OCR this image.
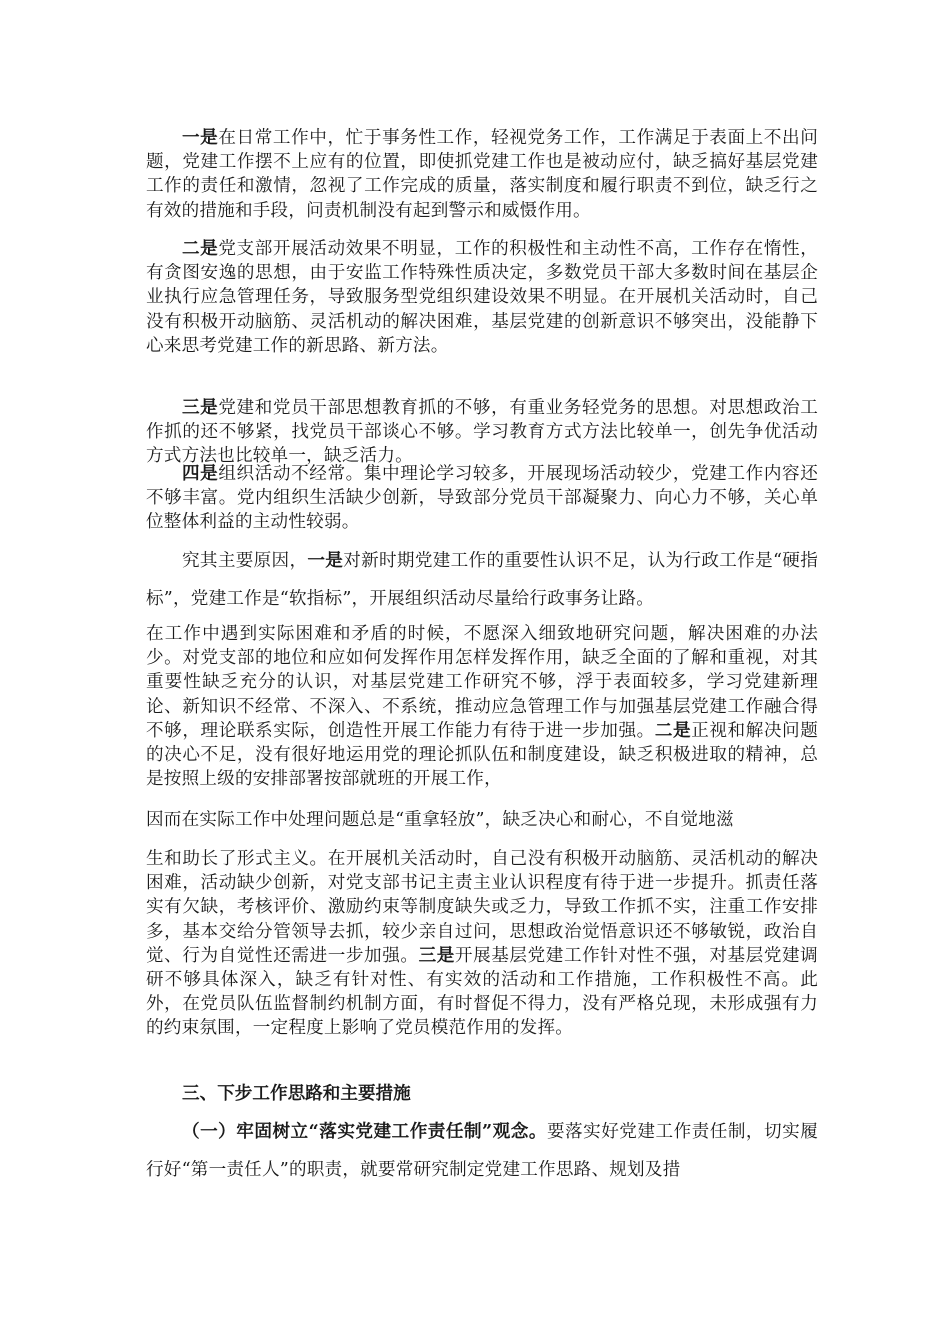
一是在日常工作中，忙于事务性工作，轻视党务工作，工作满足于表面上不出问题，党建工作摆不上应有的位置，即使抓党建工作也是被动应付，缺乏搞好基层党建工作的责任和激情，忽视了工作完成的质量，落实制度和履行职责不到位，缺乏行之有效的措施和手段，问责机制没有起到警示和威慑作用。

二是党支部开展活动效果不明显，工作的积极性和主动性不高，工作存在惰性，有贪图安逸的思想，由于安监工作特殊性质决定，多数党员干部大多数时间在基层企业执行应急管理任务，导致服务型党组织建设效果不明显。在开展机关活动时，自己没有积极开动脑筋、灵活机动的解决困难，基层党建的创新意识不够突出，没能静下心来思考党建工作的新思路、新方法。

三是党建和党员干部思想教育抓的不够，有重业务轻党务的思想。对思想政治工作抓的还不够紧，找党员干部谈心不够。学习教育方式方法比较单一，创先争优活动方式方法也比较单一，缺乏活力。

四是组织活动不经常。集中理论学习较多，开展现场活动较少，党建工作内容还不够丰富。党内组织生活缺少创新，导致部分党员干部凝聚力、向心力不够，关心单位整体利益的主动性较弱。

究其主要原因，一是对新时期党建工作的重要性认识不足，认为行政工作是“硬指标”，党建工作是“软指标”，开展组织活动尽量给行政事务让路。

在工作中遇到实际困难和矛盾的时候，不愿深入细致地研究问题，解决困难的办法少。对党支部的地位和应如何发挥作用怎样发挥作用，缺乏全面的了解和重视，对其重要性缺乏充分的认识，对基层党建工作研究不够，浮于表面较多，学习党建新理论、新知识不经常、不深入、不系统，推动应急管理工作与加强基层党建工作融合得不够，理论联系实际，创造性开展工作能力有待于进一步加强。二是正视和解决问题的决心不足，没有很好地运用党的理论抓队伍和制度建设，缺乏积极进取的精神，总是按照上级的安排部署按部就班的开展工作，

因而在实际工作中处理问题总是“重拿轻放”，缺乏决心和耐心，不自觉地滋

生和助长了形式主义。在开展机关活动时，自己没有积极开动脑筋、灵活机动的解决困难，活动缺少创新，对党支部书记主责主业认识程度有待于进一步提升。抓责任落实有欠缺，考核评价、激励约束等制度缺失或乏力，导致工作抓不实，注重工作安排多，基本交给分管领导去抓，较少亲自过问，思想政治觉悟意识还不够敏锐，政治自觉、行为自觉性还需进一步加强。三是开展基层党建工作针对性不强，对基层党建调研不够具体深入，缺乏有针对性、有实效的活动和工作措施，工作积极性不高。此外，在党员队伍监督制约机制方面，有时督促不得力，没有严格兑现，未形成强有力的约束氛围，一定程度上影响了党员模范作用的发挥。

三、下步工作思路和主要措施

（一）牢固树立“落实党建工作责任制”观念。要落实好党建工作责任制，切实履行好“第一责任人”的职责，就要常研究制定党建工作思路、规划及措
